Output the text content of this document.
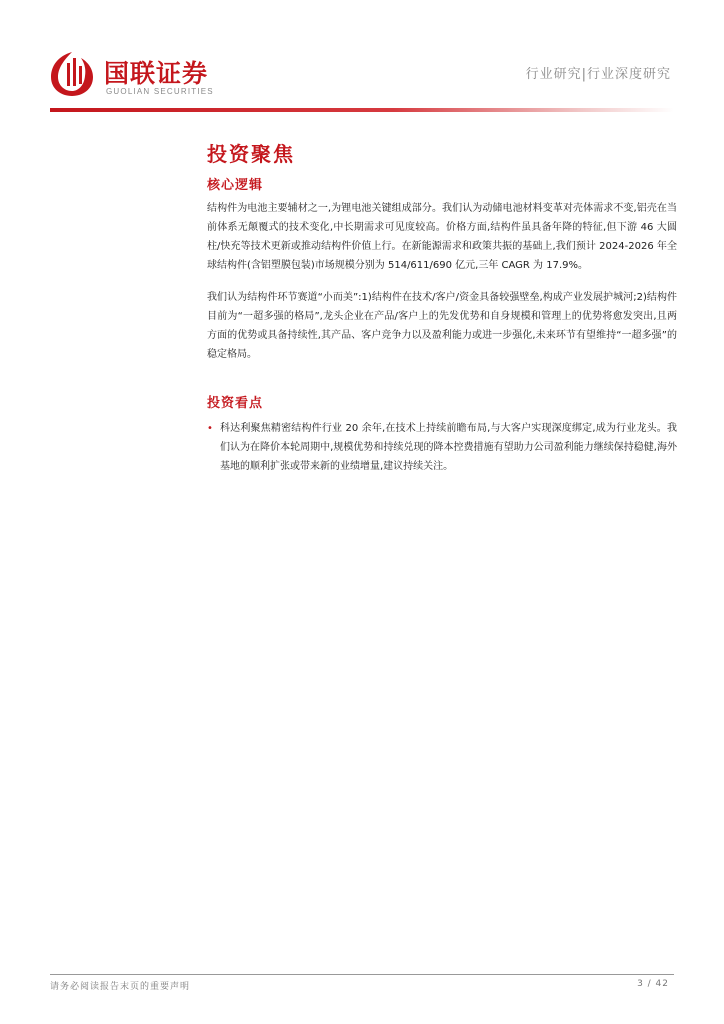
国联证券
GUOLIAN SECURITIES
行业研究|行业深度研究
投资聚焦
核心逻辑

结构件为电池主要辅材之一,为锂电池关键组成部分。我们认为动储电池材料变革对壳体需求不变,铝壳在当前体系无颠覆式的技术变化,中长期需求可见度较高。价格方面,结构件虽具备年降的特征,但下游 46 大圆柱/快充等技术更新或推动结构件价值上行。在新能源需求和政策共振的基础上,我们预计 2024-2026 年全球结构件(含铝塑膜包装)市场规模分别为 514/611/690 亿元,三年 CAGR 为 17.9%。

我们认为结构件环节赛道“小而美”:1)结构件在技术/客户/资金具备较强壁垒,构成产业发展护城河;2)结构件目前为“一超多强的格局”,龙头企业在产品/客户上的先发优势和自身规模和管理上的优势将愈发突出,且两方面的优势或具备持续性,其产品、客户竞争力以及盈利能力或进一步强化,未来环节有望维持“一超多强”的稳定格局。

投资看点
• 科达利聚焦精密结构件行业 20 余年,在技术上持续前瞻布局,与大客户实现深度绑定,成为行业龙头。我们认为在降价本轮周期中,规模优势和持续兑现的降本控费措施有望助力公司盈利能力继续保持稳健,海外基地的顺利扩张或带来新的业绩增量,建议持续关注。

请务必阅读报告末页的重要声明	3 / 42
